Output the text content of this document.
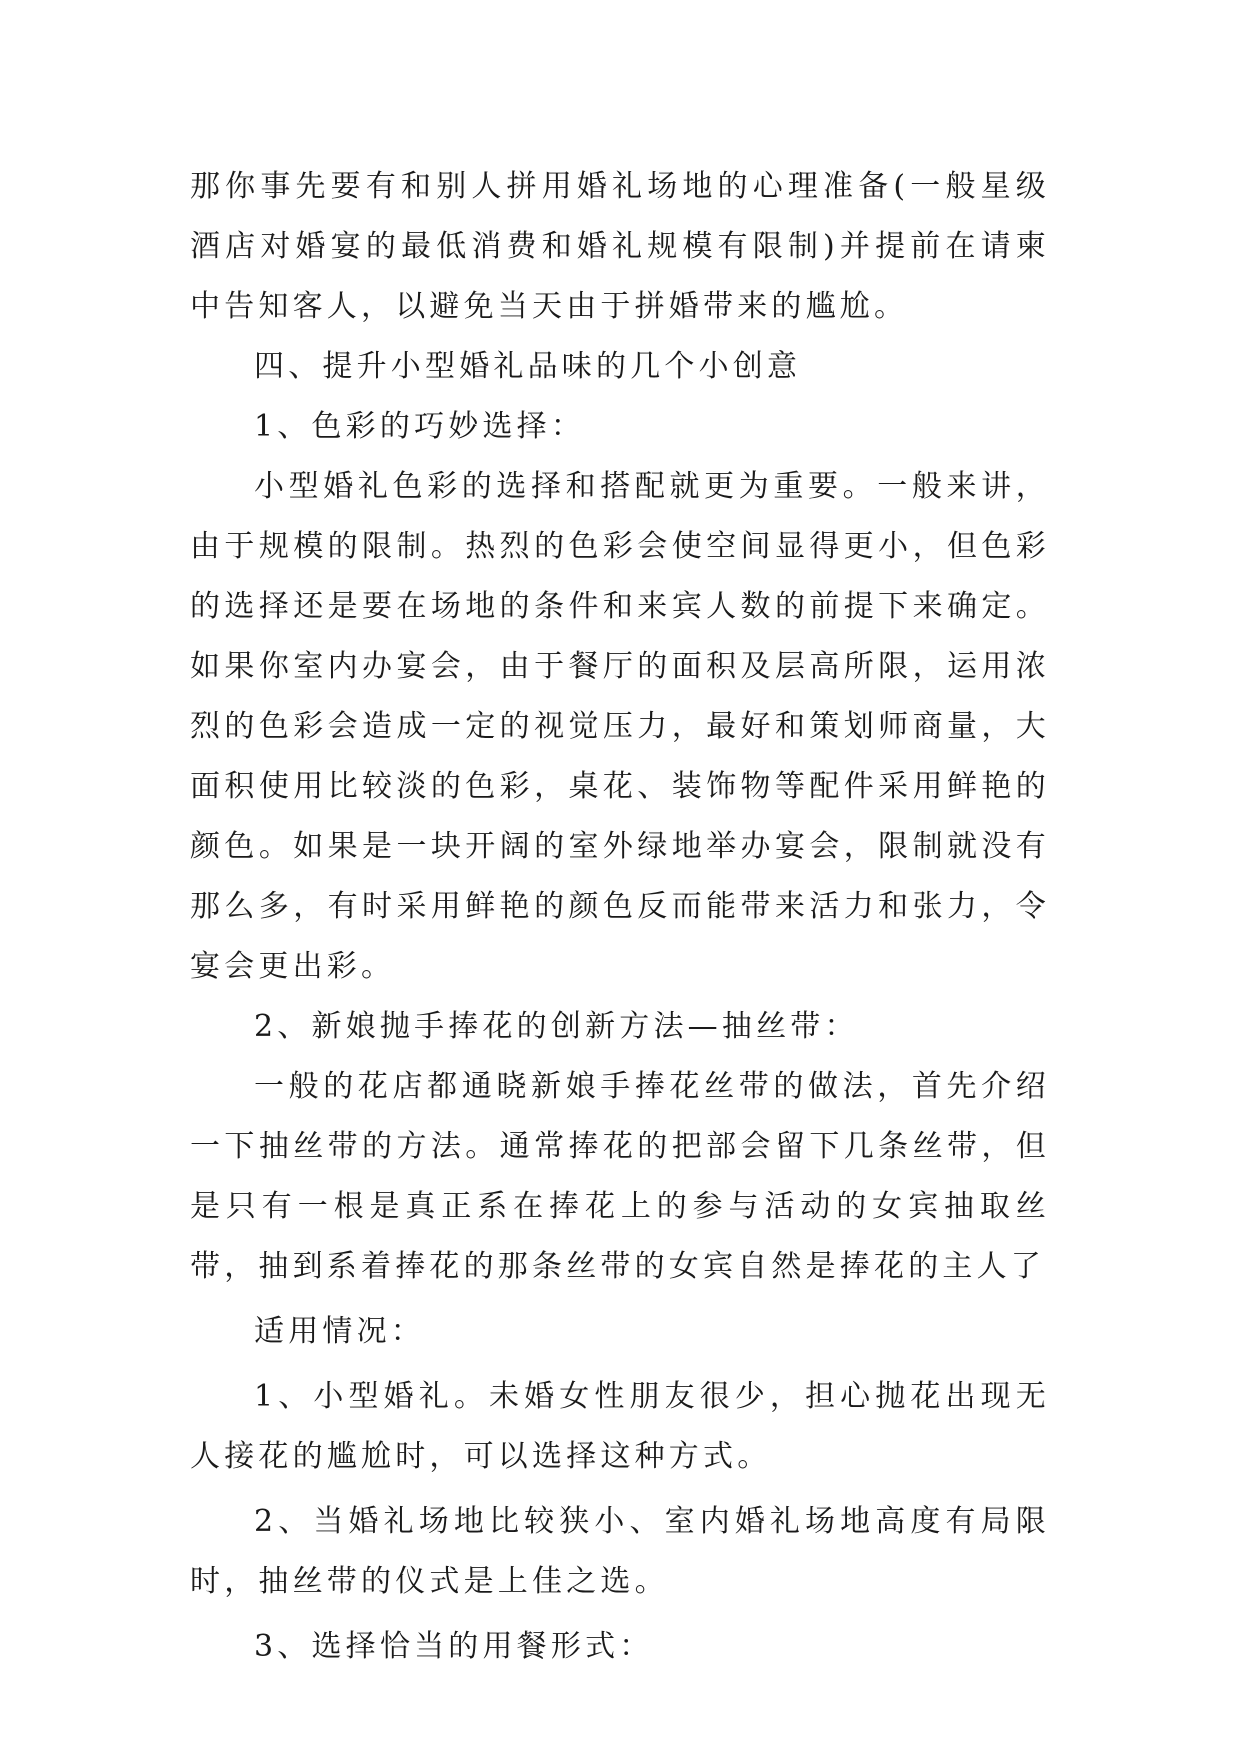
那你事先要有和别人拼用婚礼场地的心理准备(一般星级酒店对婚宴的最低消费和婚礼规模有限制)并提前在请柬中告知客人，以避免当天由于拼婚带来的尴尬。

四、提升小型婚礼品味的几个小创意

1、色彩的巧妙选择：

小型婚礼色彩的选择和搭配就更为重要。一般来讲，由于规模的限制。热烈的色彩会使空间显得更小，但色彩的选择还是要在场地的条件和来宾人数的前提下来确定。如果你室内办宴会，由于餐厅的面积及层高所限，运用浓烈的色彩会造成一定的视觉压力，最好和策划师商量，大面积使用比较淡的色彩，桌花、装饰物等配件采用鲜艳的颜色。如果是一块开阔的室外绿地举办宴会，限制就没有那么多，有时采用鲜艳的颜色反而能带来活力和张力，令宴会更出彩。

2、新娘抛手捧花的创新方法—抽丝带：

一般的花店都通晓新娘手捧花丝带的做法，首先介绍一下抽丝带的方法。通常捧花的把部会留下几条丝带，但是只有一根是真正系在捧花上的参与活动的女宾抽取丝带，抽到系着捧花的那条丝带的女宾自然是捧花的主人了

适用情况：

1、小型婚礼。未婚女性朋友很少，担心抛花出现无人接花的尴尬时，可以选择这种方式。

2、当婚礼场地比较狭小、室内婚礼场地高度有局限时，抽丝带的仪式是上佳之选。

3、选择恰当的用餐形式：
